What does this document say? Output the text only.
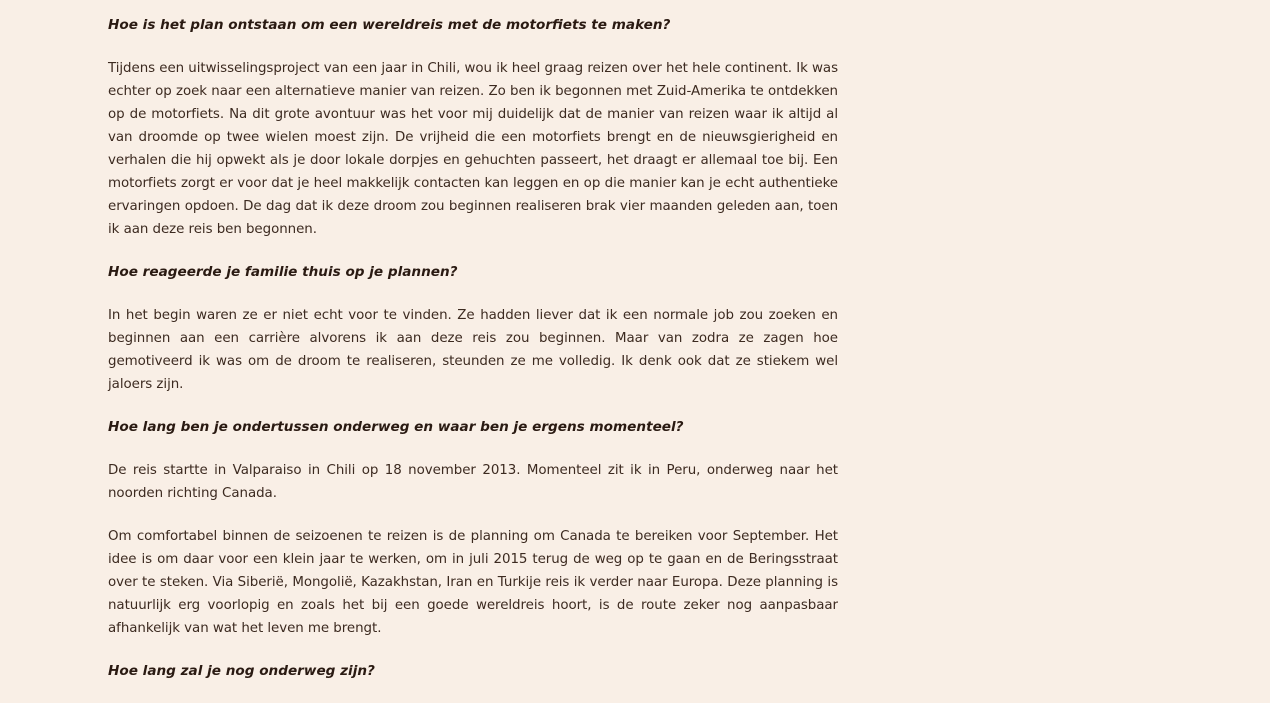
Hoe is het plan ontstaan om een wereldreis met de motorfiets te maken?

Tijdens een uitwisselingsproject van een jaar in Chili, wou ik heel graag reizen over het hele continent. Ik was echter op zoek naar een alternatieve manier van reizen. Zo ben ik begonnen met Zuid-Amerika te ontdekken op de motorfiets. Na dit grote avontuur was het voor mij duidelijk dat de manier van reizen waar ik altijd al van droomde op twee wielen moest zijn. De vrijheid die een motorfiets brengt en de nieuwsgierigheid en verhalen die hij opwekt als je door lokale dorpjes en gehuchten passeert, het draagt er allemaal toe bij. Een motorfiets zorgt er voor dat je heel makkelijk contacten kan leggen en op die manier kan je echt authentieke ervaringen opdoen. De dag dat ik deze droom zou beginnen realiseren brak vier maanden geleden aan, toen ik aan deze reis ben begonnen.

Hoe reageerde je familie thuis op je plannen?

In het begin waren ze er niet echt voor te vinden. Ze hadden liever dat ik een normale job zou zoeken en beginnen aan een carrière alvorens ik aan deze reis zou beginnen. Maar van zodra ze zagen hoe gemotiveerd ik was om de droom te realiseren, steunden ze me volledig. Ik denk ook dat ze stiekem wel jaloers zijn.

Hoe lang ben je ondertussen onderweg en waar ben je ergens momenteel?

De reis startte in Valparaiso in Chili op 18 november 2013. Momenteel zit ik in Peru, onderweg naar het noorden richting Canada.

Om comfortabel binnen de seizoenen te reizen is de planning om Canada te bereiken voor September. Het idee is om daar voor een klein jaar te werken, om in juli 2015 terug de weg op te gaan en de Beringsstraat over te steken. Via Siberië, Mongolië, Kazakhstan, Iran en Turkije reis ik verder naar Europa. Deze planning is natuurlijk erg voorlopig en zoals het bij een goede wereldreis hoort, is de route zeker nog aanpasbaar afhankelijk van wat het leven me brengt.

Hoe lang zal je nog onderweg zijn?
